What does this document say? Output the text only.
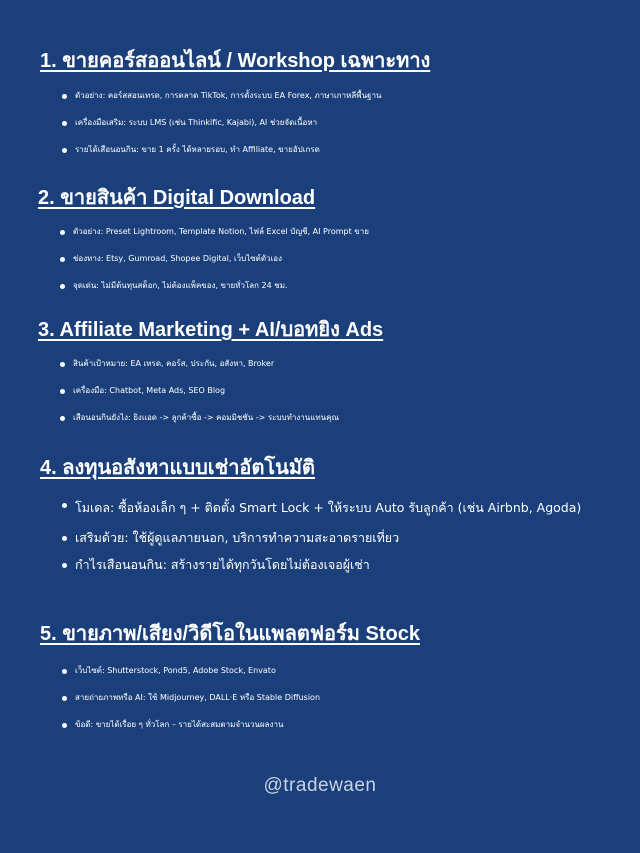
1. ขายคอร์สออนไลน์ / Workshop เฉพาะทาง
ตัวอย่าง: คอร์สสอนเทรด, การตลาด TikTok, การตั้งระบบ EA Forex, ภาษาเกาหลีพื้นฐาน
เครื่องมือเสริม: ระบบ LMS (เช่น Thinkific, Kajabi), AI ช่วยจัดเนื้อหา
รายได้เสือนอนกิน: ขาย 1 ครั้ง ได้หลายรอบ, ทำ Affiliate, ขายอัปเกรด
2. ขายสินค้า Digital Download
ตัวอย่าง: Preset Lightroom, Template Notion, ไฟล์ Excel บัญชี, AI Prompt ขาย
ช่องทาง: Etsy, Gumroad, Shopee Digital, เว็บไซต์ตัวเอง
จุดเด่น: ไม่มีต้นทุนสต็อก, ไม่ต้องแพ็คของ, ขายทั่วโลก 24 ชม.
3. Affiliate Marketing + AI/บอทยิง Ads
สินค้าเป้าหมาย: EA เทรด, คอร์ส, ประกัน, อสังหา, Broker
เครื่องมือ: Chatbot, Meta Ads, SEO Blog
เสือนอนกินยังไง: ยิงแอด -> ลูกค้าซื้อ -> คอมมิชชัน -> ระบบทำงานแทนคุณ
4. ลงทุนอสังหาแบบเช่าอัตโนมัติ
โมเดล: ซื้อห้องเล็ก ๆ + ติดตั้ง Smart Lock + ให้ระบบ Auto รับลูกค้า (เช่น Airbnb, Agoda)
เสริมด้วย: ใช้ผู้ดูแลภายนอก, บริการทำความสะอาดรายเที่ยว
กำไรเสือนอนกิน: สร้างรายได้ทุกวันโดยไม่ต้องเจอผู้เช่า
5. ขายภาพ/เสียง/วิดีโอในแพลตฟอร์ม Stock
เว็บไซต์: Shutterstock, Pond5, Adobe Stock, Envato
สายถ่ายภาพหรือ AI: ใช้ Midjourney, DALL·E หรือ Stable Diffusion
ข้อดี: ขายได้เรื่อย ๆ ทั่วโลก – รายได้สะสมตามจำนวนผลงาน
@tradewaen
